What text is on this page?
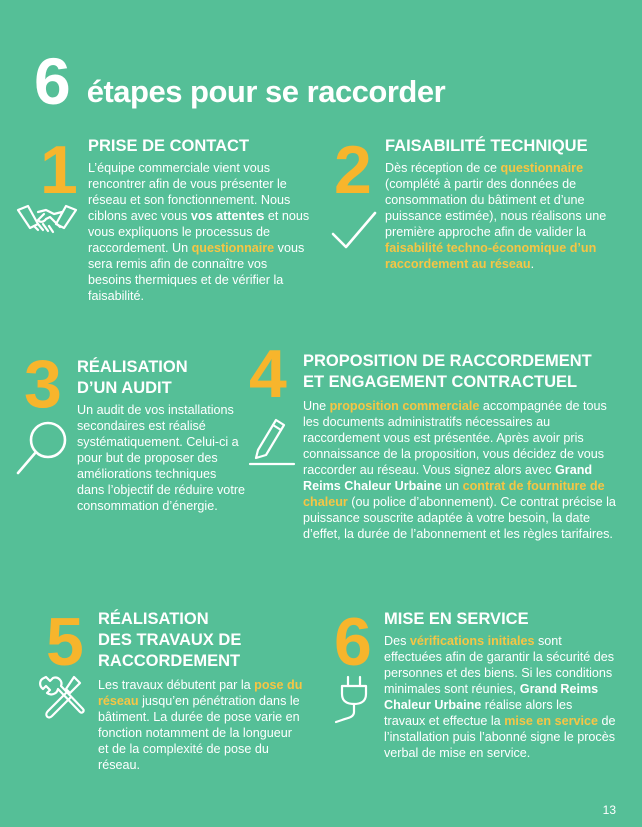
6 étapes pour se raccorder
1 PRISE DE CONTACT
L’équipe commerciale vient vous rencontrer afin de vous présenter le réseau et son fonctionnement. Nous ciblons avec vous vos attentes et nous vous expliquons le processus de raccordement. Un questionnaire vous sera remis afin de connaître vos besoins thermiques et de vérifier la faisabilité.
2 FAISABILITÉ TECHNIQUE
Dès réception de ce questionnaire (complété à partir des données de consommation du bâtiment et d’une puissance estimée), nous réalisons une première approche afin de valider la faisabilité techno-économique d’un raccordement au réseau.
3 RÉALISATION
D’UN AUDIT
Un audit de vos installations secondaires est réalisé systématiquement. Celui-ci a pour but de proposer des améliorations techniques dans l’objectif de réduire votre consommation d’énergie.
4 PROPOSITION DE RACCORDEMENT
ET ENGAGEMENT CONTRACTUEL
Une proposition commerciale accompagnée de tous les documents administratifs nécessaires au raccordement vous est présentée. Après avoir pris connaissance de la proposition, vous décidez de vous raccorder au réseau. Vous signez alors avec Grand Reims Chaleur Urbaine un contrat de fourniture de chaleur (ou police d’abonnement). Ce contrat précise la puissance souscrite adaptée à votre besoin, la date d’effet, la durée de l’abonnement et les règles tarifaires.
5 RÉALISATION
DES TRAVAUX DE
RACCORDEMENT
Les travaux débutent par la pose du réseau jusqu’en pénétration dans le bâtiment. La durée de pose varie en fonction notamment de la longueur et de la complexité de pose du réseau.
6 MISE EN SERVICE
Des vérifications initiales sont effectuées afin de garantir la sécurité des personnes et des biens. Si les conditions minimales sont réunies, Grand Reims Chaleur Urbaine réalise alors les travaux et effectue la mise en service de l’installation puis l’abonné signe le procès verbal de mise en service.
13
